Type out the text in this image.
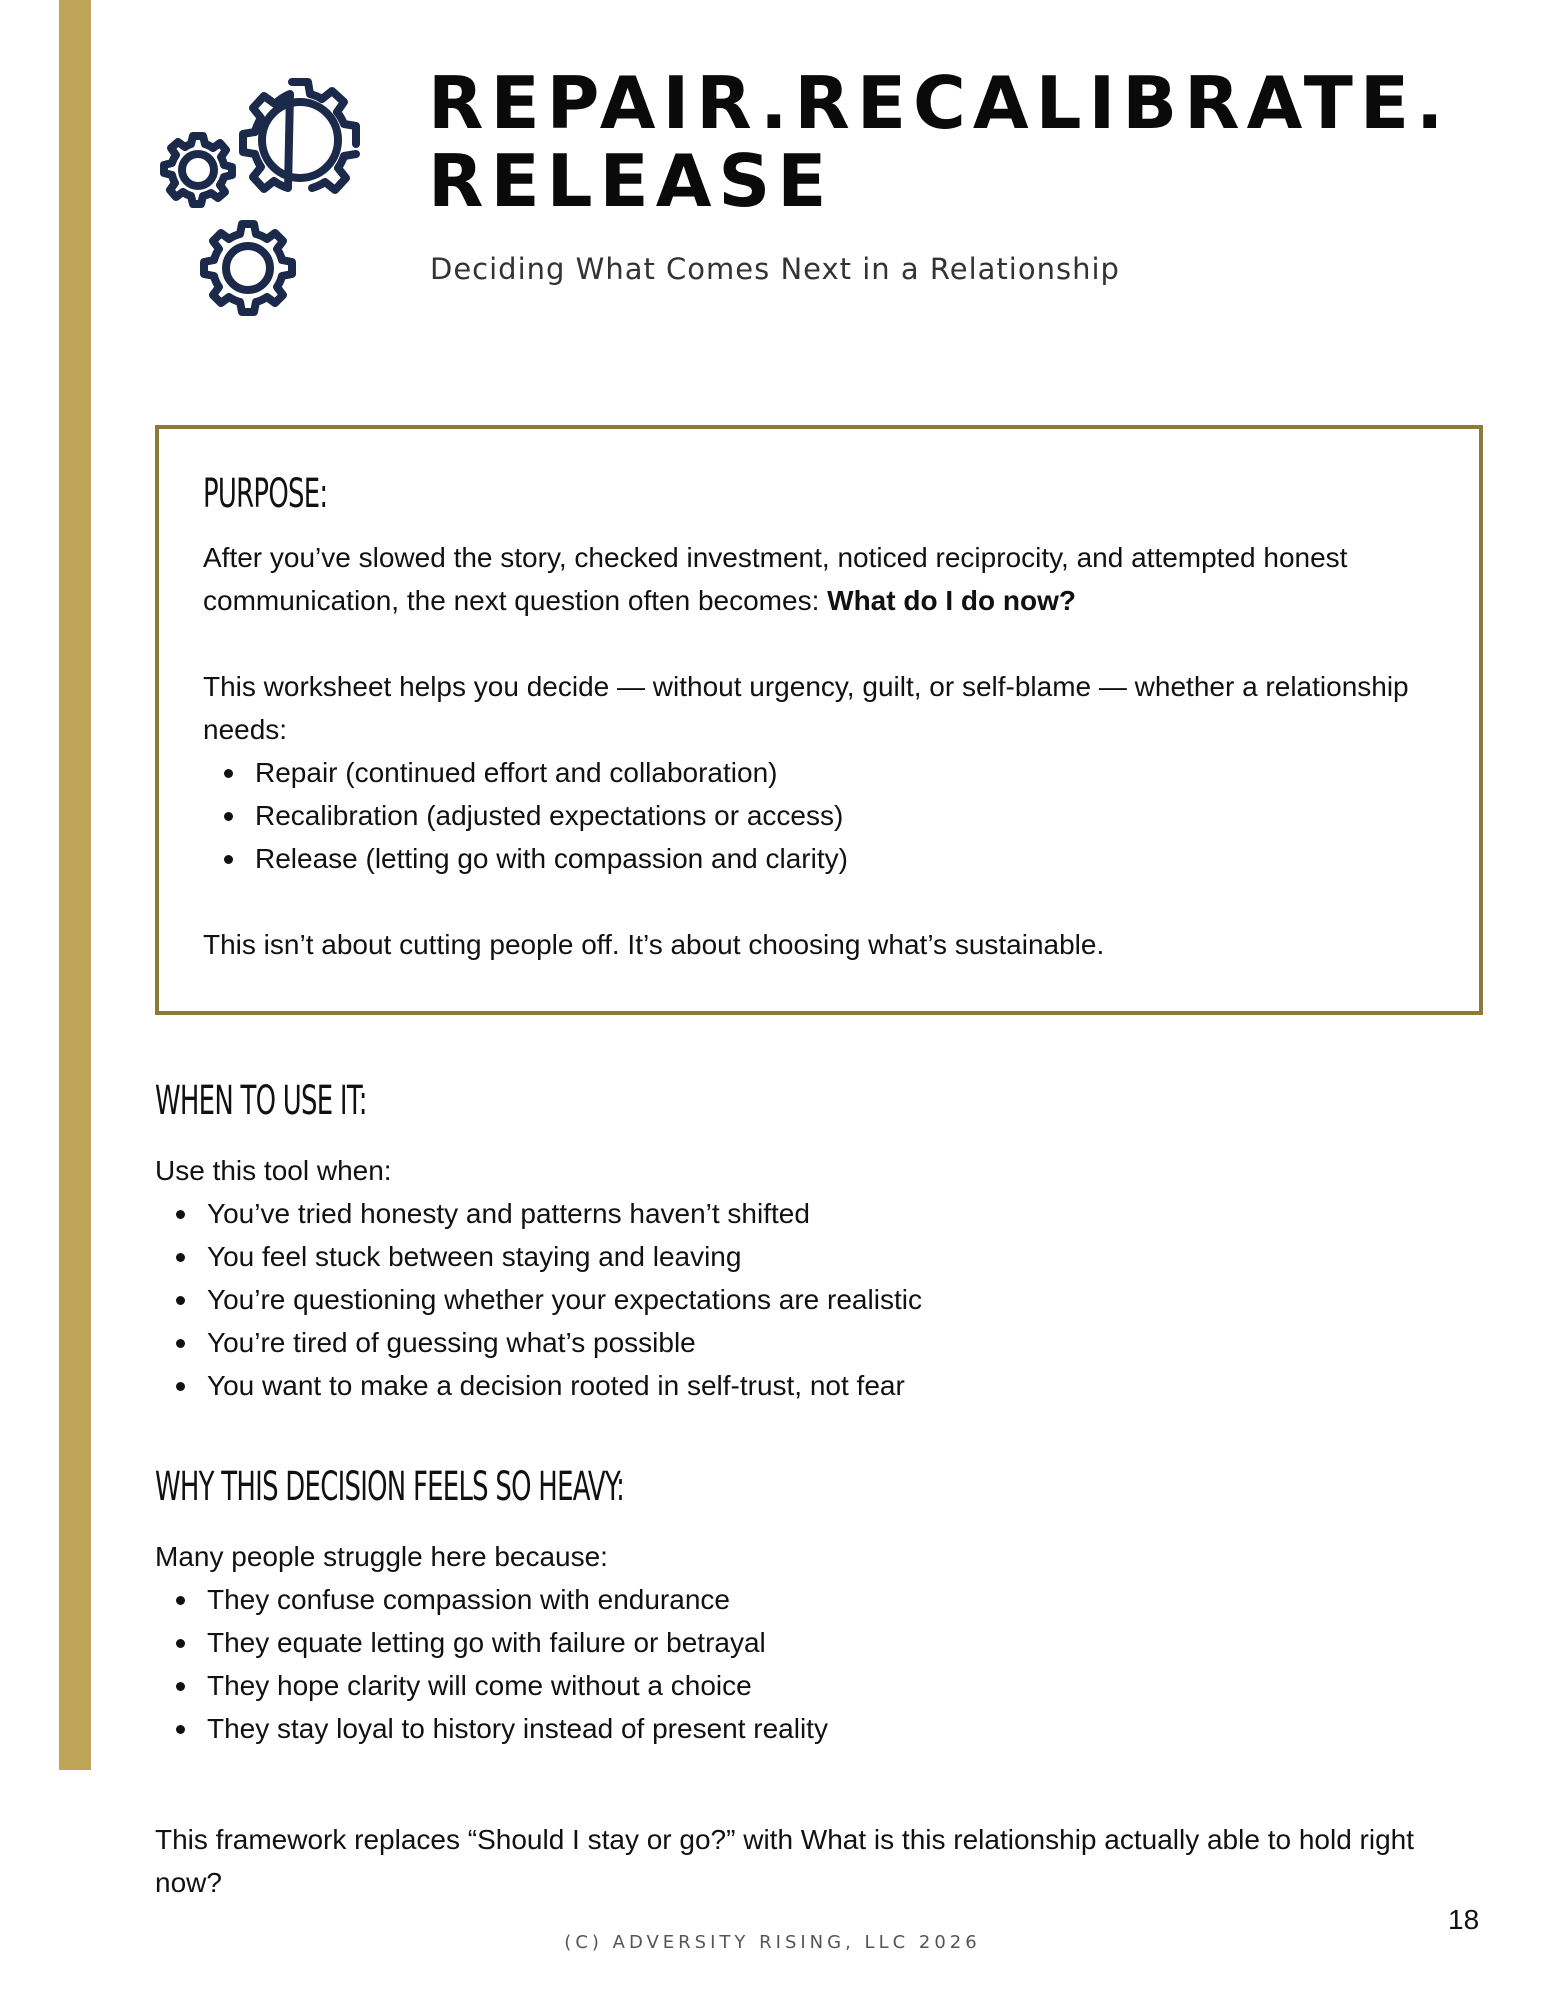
REPAIR.RECALIBRATE.
RELEASE
Deciding What Comes Next in a Relationship
PURPOSE:

After you’ve slowed the story, checked investment, noticed reciprocity, and attempted honest communication, the next question often becomes: What do I do now?

This worksheet helps you decide — without urgency, guilt, or self-blame — whether a relationship needs:

Repair (continued effort and collaboration)
Recalibration (adjusted expectations or access)
Release (letting go with compassion and clarity)

This isn’t about cutting people off. It’s about choosing what’s sustainable.

WHEN TO USE IT:

Use this tool when:

You’ve tried honesty and patterns haven’t shifted
You feel stuck between staying and leaving
You’re questioning whether your expectations are realistic
You’re tired of guessing what’s possible
You want to make a decision rooted in self-trust, not fear
WHY THIS DECISION FEELS SO HEAVY:

Many people struggle here because:

They confuse compassion with endurance
They equate letting go with failure or betrayal
They hope clarity will come without a choice
They stay loyal to history instead of present reality

This framework replaces “Should I stay or go?” with What is this relationship actually able to hold right now?

(C) ADVERSITY RISING, LLC 2026
18
